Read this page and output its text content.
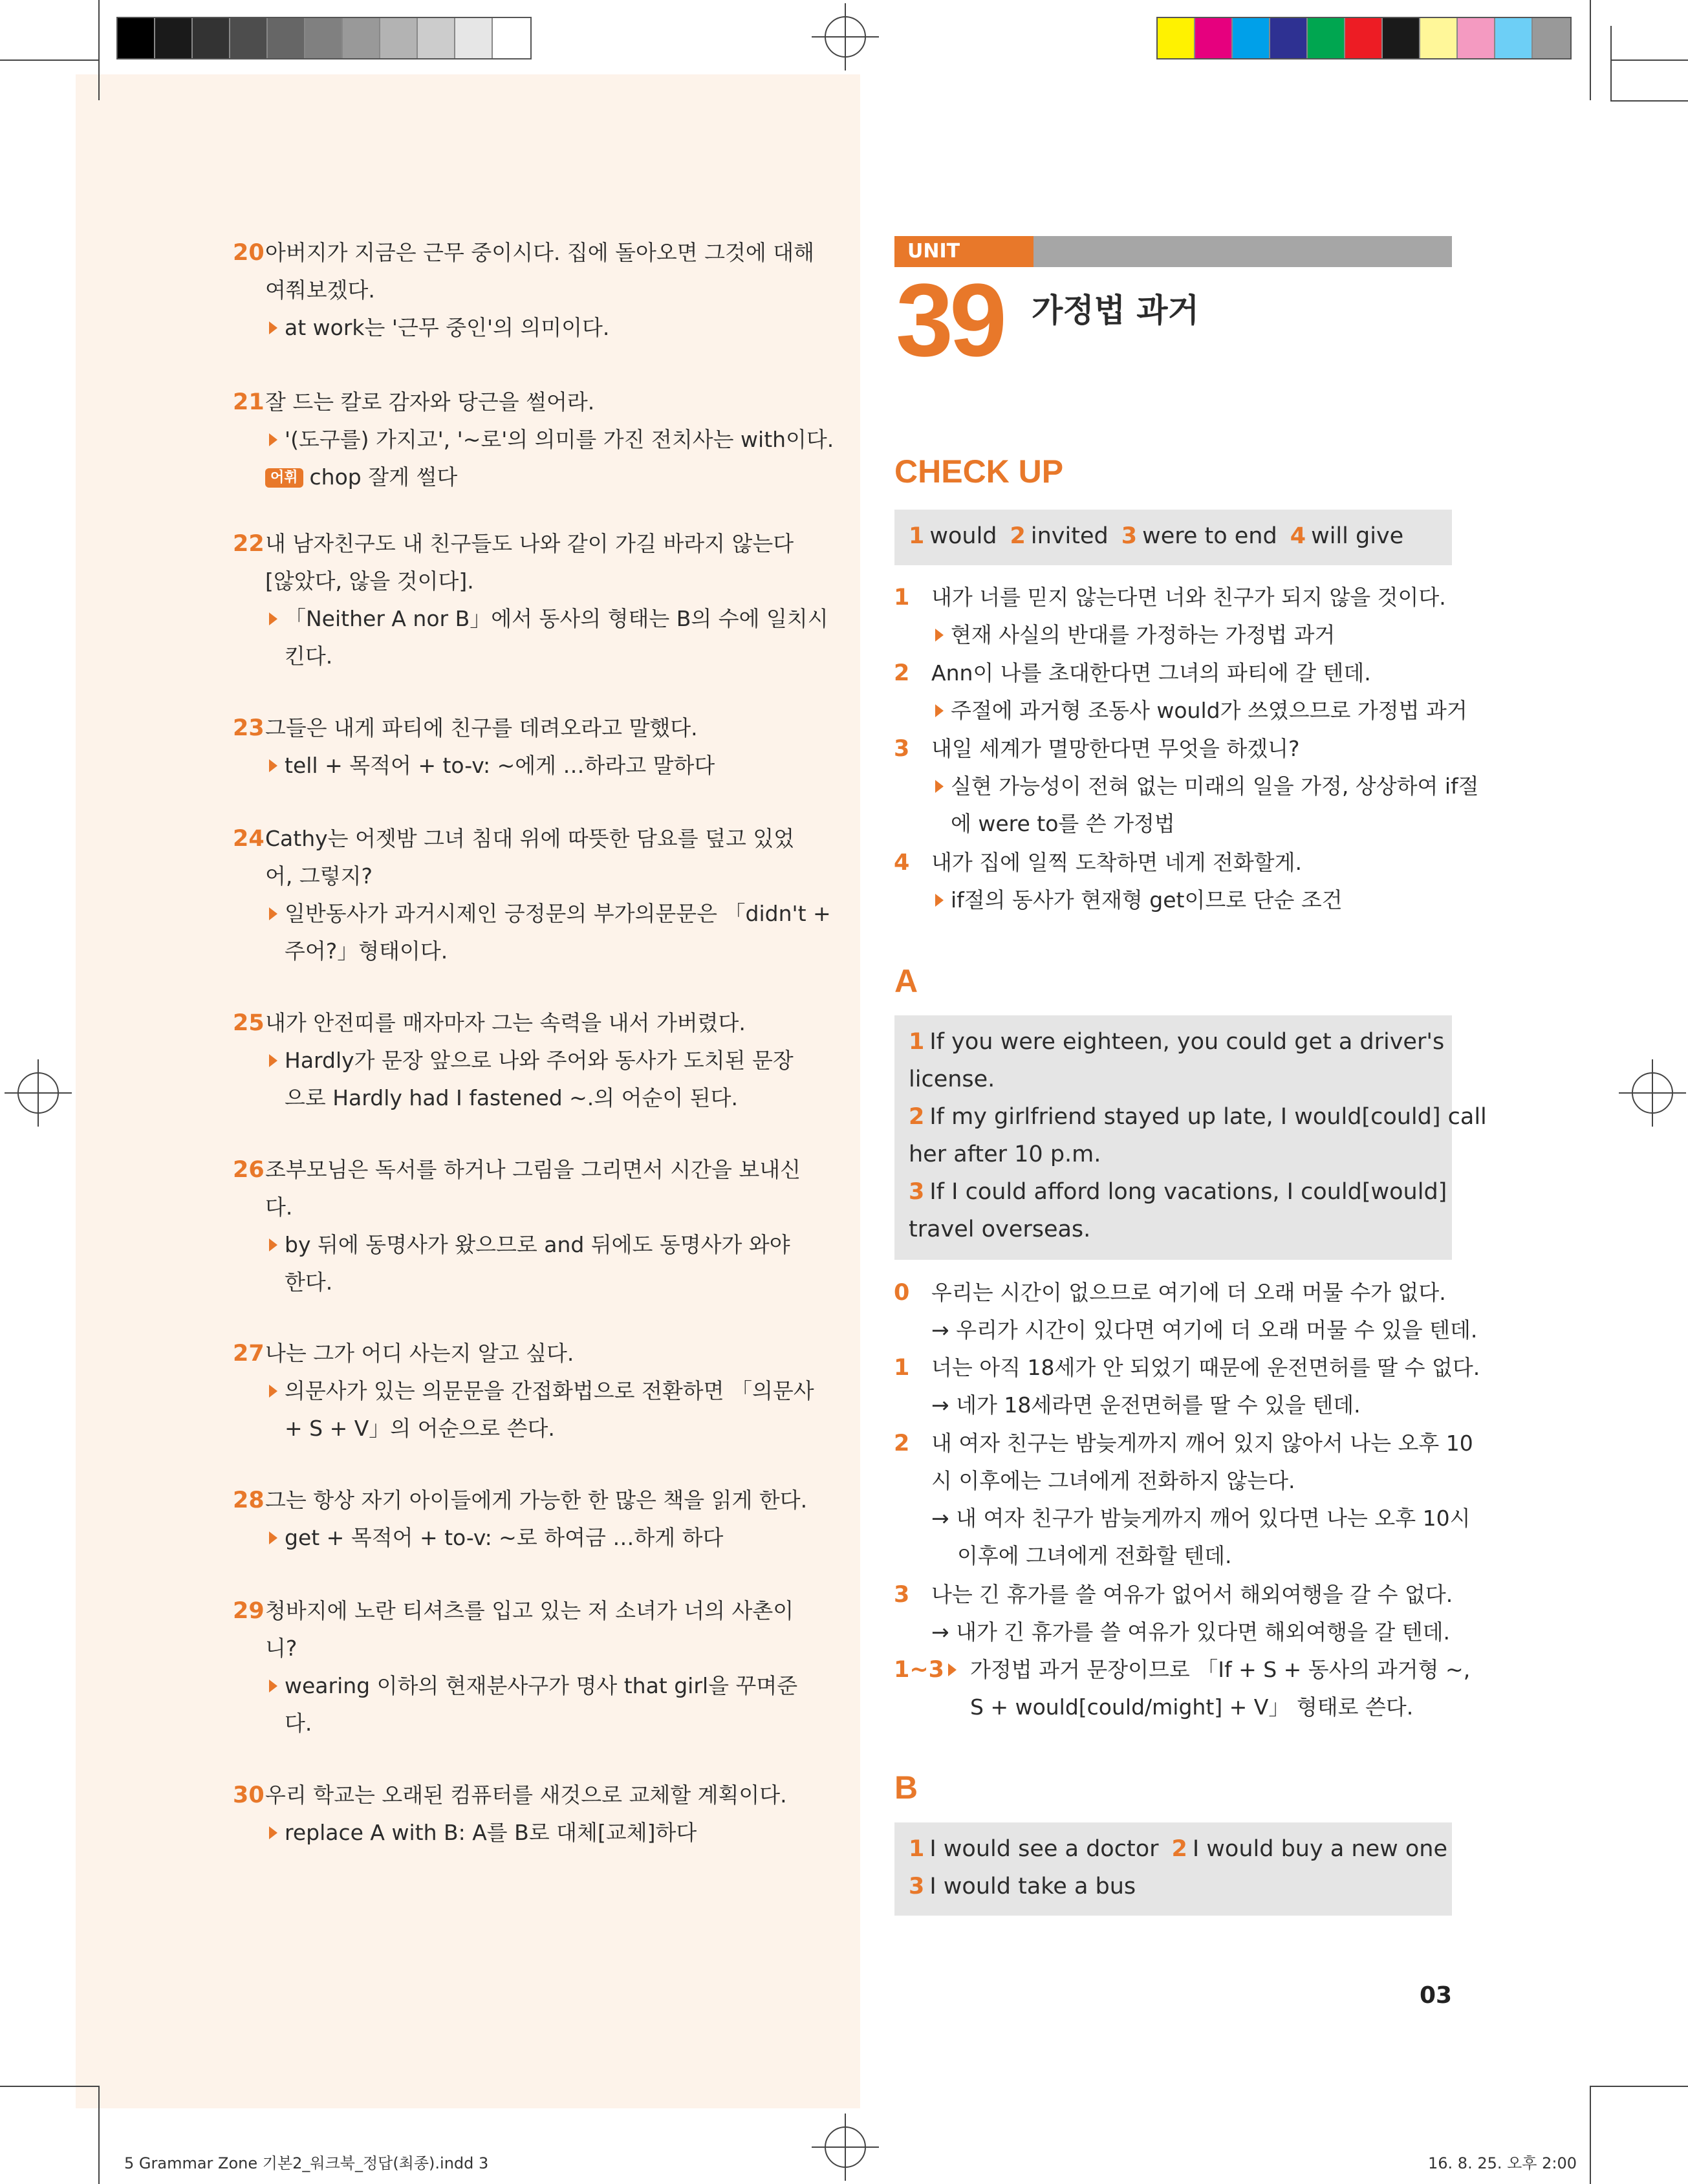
20 아버지가 지금은 근무 중이시다. 집에 돌아오면 그것에 대해
여쭤보겠다.
at work는 '근무 중인'의 의미이다.
21 잘 드는 칼로 감자와 당근을 썰어라.
'(도구를) 가지고', '~로'의 의미를 가진 전치사는 with이다.
어휘 chop 잘게 썰다
22 내 남자친구도 내 친구들도 나와 같이 가길 바라지 않는다
[않았다, 않을 것이다].
「Neither A nor B」에서 동사의 형태는 B의 수에 일치시
킨다.
23 그들은 내게 파티에 친구를 데려오라고 말했다.
tell + 목적어 + to-v: ~에게 …하라고 말하다
24 Cathy는 어젯밤 그녀 침대 위에 따뜻한 담요를 덮고 있었
어, 그렇지?
일반동사가 과거시제인 긍정문의 부가의문문은 「didn't +
주어?」형태이다.
25 내가 안전띠를 매자마자 그는 속력을 내서 가버렸다.
Hardly가 문장 앞으로 나와 주어와 동사가 도치된 문장
으로 Hardly had I fastened ~.의 어순이 된다.
26 조부모님은 독서를 하거나 그림을 그리면서 시간을 보내신
다.
by 뒤에 동명사가 왔으므로 and 뒤에도 동명사가 와야
한다.
27 나는 그가 어디 사는지 알고 싶다.
의문사가 있는 의문문을 간접화법으로 전환하면 「의문사
+ S + V」의 어순으로 쓴다.
28 그는 항상 자기 아이들에게 가능한 한 많은 책을 읽게 한다.
get + 목적어 + to-v: ~로 하여금 …하게 하다
29 청바지에 노란 티셔츠를 입고 있는 저 소녀가 너의 사촌이
니?
wearing 이하의 현재분사구가 명사 that girl을 꾸며준
다.
30 우리 학교는 오래된 컴퓨터를 새것으로 교체할 계획이다.
replace A with B: A를 B로 대체[교체]하다
UNIT
39 가정법 과거
CHECK UP
1 would 2 invited 3 were to end 4 will give
1 내가 너를 믿지 않는다면 너와 친구가 되지 않을 것이다.
현재 사실의 반대를 가정하는 가정법 과거
2 Ann이 나를 초대한다면 그녀의 파티에 갈 텐데.
주절에 과거형 조동사 would가 쓰였으므로 가정법 과거
3 내일 세계가 멸망한다면 무엇을 하겠니?
실현 가능성이 전혀 없는 미래의 일을 가정, 상상하여 if절
에 were to를 쓴 가정법
4 내가 집에 일찍 도착하면 네게 전화할게.
if절의 동사가 현재형 get이므로 단순 조건
A
1 If you were eighteen, you could get a driver's
license.
2 If my girlfriend stayed up late, I would[could] call
her after 10 p.m.
3 If I could afford long vacations, I could[would]
travel overseas.
0 우리는 시간이 없으므로 여기에 더 오래 머물 수가 없다.
→ 우리가 시간이 있다면 여기에 더 오래 머물 수 있을 텐데.
1 너는 아직 18세가 안 되었기 때문에 운전면허를 딸 수 없다.
→ 네가 18세라면 운전면허를 딸 수 있을 텐데.
2 내 여자 친구는 밤늦게까지 깨어 있지 않아서 나는 오후 10
시 이후에는 그녀에게 전화하지 않는다.
→ 내 여자 친구가 밤늦게까지 깨어 있다면 나는 오후 10시
이후에 그녀에게 전화할 텐데.
3 나는 긴 휴가를 쓸 여유가 없어서 해외여행을 갈 수 없다.
→ 내가 긴 휴가를 쓸 여유가 있다면 해외여행을 갈 텐데.
1~3	가정법 과거 문장이므로 「If + S + 동사의 과거형 ~,
S + would[could/might] + V」 형태로 쓴다.
B
1 I would see a doctor 2 I would buy a new one
3 I would take a bus
03
5 Grammar Zone 기본2_워크북_정답(최종).indd 3	16. 8. 25. 오후 2:00
